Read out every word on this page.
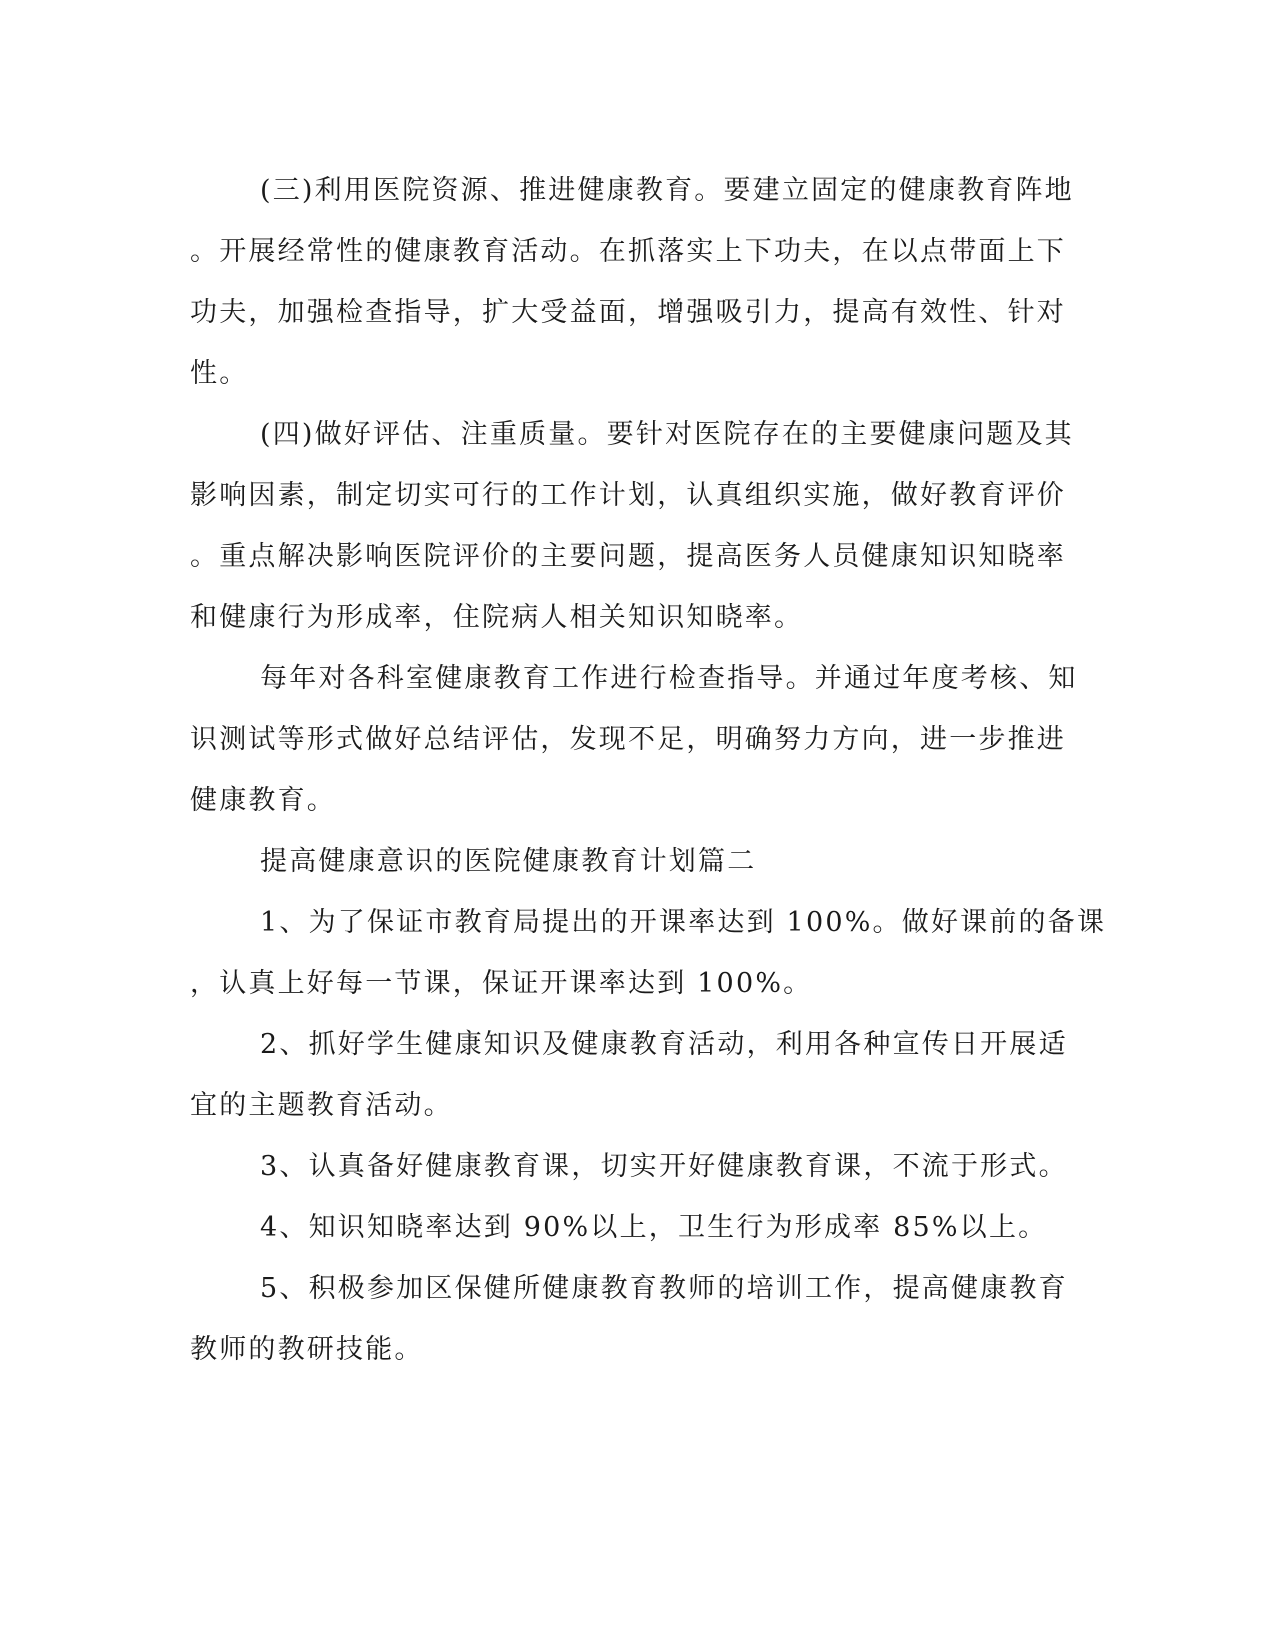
(三)利用医院资源、推进健康教育。要建立固定的健康教育阵地
。开展经常性的健康教育活动。在抓落实上下功夫，在以点带面上下
功夫，加强检查指导，扩大受益面，增强吸引力，提高有效性、针对
性。

(四)做好评估、注重质量。要针对医院存在的主要健康问题及其
影响因素，制定切实可行的工作计划，认真组织实施，做好教育评价
。重点解决影响医院评价的主要问题，提高医务人员健康知识知晓率
和健康行为形成率，住院病人相关知识知晓率。

每年对各科室健康教育工作进行检查指导。并通过年度考核、知
识测试等形式做好总结评估，发现不足，明确努力方向，进一步推进
健康教育。

提高健康意识的医院健康教育计划篇二

1、为了保证市教育局提出的开课率达到 100%。做好课前的备课
，认真上好每一节课，保证开课率达到 100%。

2、抓好学生健康知识及健康教育活动，利用各种宣传日开展适
宜的主题教育活动。

3、认真备好健康教育课，切实开好健康教育课，不流于形式。

4、知识知晓率达到 90%以上，卫生行为形成率 85%以上。

5、积极参加区保健所健康教育教师的培训工作，提高健康教育
教师的教研技能。
